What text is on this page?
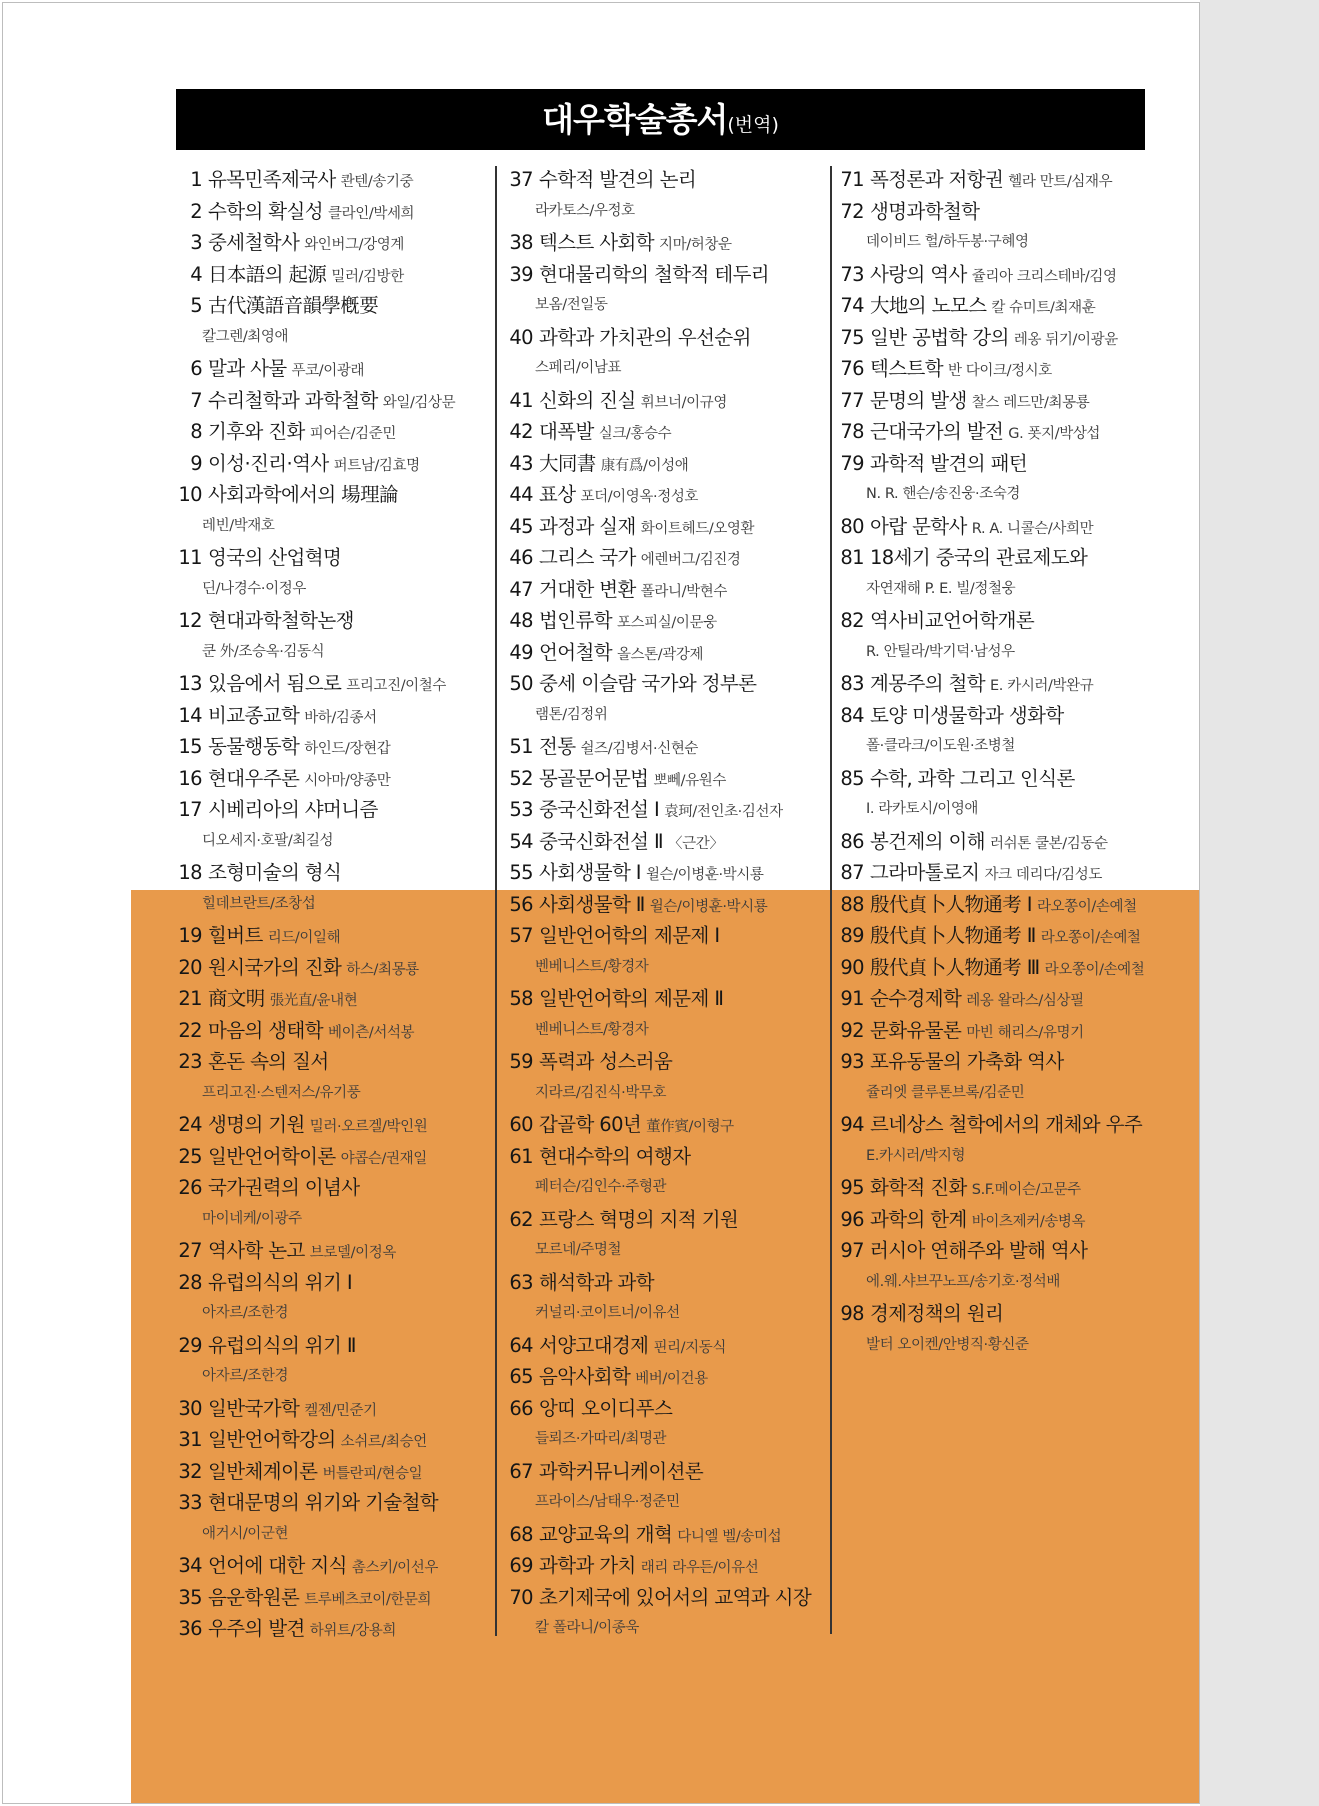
대우학술총서(번역)
1 유목민족제국사 콴텐/송기중
2 수학의 확실성 클라인/박세희
3 중세철학사 와인버그/강영계
4 日本語의 起源 밀러/김방한
5 古代漢語音韻學槪要
칼그렌/최영애
6 말과 사물 푸코/이광래
7 수리철학과 과학철학 와일/김상문
8 기후와 진화 피어슨/김준민
9 이성·진리·역사 퍼트남/김효명
10 사회과학에서의 場理論
레빈/박재호
11 영국의 산업혁명
딘/나경수·이정우
12 현대과학철학논쟁
쿤 外/조승옥·김동식
13 있음에서 됨으로 프리고진/이철수
14 비교종교학 바하/김종서
15 동물행동학 하인드/장현갑
16 현대우주론 시아마/양종만
17 시베리아의 샤머니즘
디오세지·호팔/최길성
18 조형미술의 형식
힐데브란트/조창섭
19 힐버트 리드/이일해
20 원시국가의 진화 하스/최몽룡
21 商文明 張光直/윤내현
22 마음의 생태학 베이츤/서석봉
23 혼돈 속의 질서
프리고진·스텐저스/유기풍
24 생명의 기원 밀러·오르겔/박인원
25 일반언어학이론 야콥슨/권재일
26 국가권력의 이념사
마이네케/이광주
27 역사학 논고 브로델/이정옥
28 유럽의식의 위기 Ⅰ
아자르/조한경
29 유럽의식의 위기 Ⅱ
아자르/조한경
30 일반국가학 켈젠/민준기
31 일반언어학강의 소쉬르/최승언
32 일반체계이론 버틀란피/현승일
33 현대문명의 위기와 기술철학
애거시/이군현
34 언어에 대한 지식 촘스키/이선우
35 음운학원론 트루베츠코이/한문희
36 우주의 발견 하위트/강용희
37 수학적 발견의 논리
라카토스/우정호
38 텍스트 사회학 지마/허창운
39 현대물리학의 철학적 테두리
보옴/전일동
40 과학과 가치관의 우선순위
스페리/이남표
41 신화의 진실 휘브너/이규영
42 대폭발 실크/홍승수
43 大同書 康有爲/이성애
44 표상 포더/이영옥·정성호
45 과정과 실재 화이트헤드/오영환
46 그리스 국가 에렌버그/김진경
47 거대한 변환 폴라니/박현수
48 법인류학 포스피실/이문웅
49 언어철학 올스톤/곽강제
50 중세 이슬람 국가와 정부론
램톤/김정위
51 전통 쉴즈/김병서·신현순
52 몽골문어문법 뽀뻬/유원수
53 중국신화전설 Ⅰ 袁珂/전인초·김선자
54 중국신화전설 Ⅱ 〈근간〉
55 사회생물학 Ⅰ 윌슨/이병훈·박시룡
56 사회생물학 Ⅱ 윌슨/이병훈·박시룡
57 일반언어학의 제문제 Ⅰ
벤베니스트/황경자
58 일반언어학의 제문제 Ⅱ
벤베니스트/황경자
59 폭력과 성스러움
지라르/김진식·박무호
60 갑골학 60년 董作賓/이형구
61 현대수학의 여행자
페터슨/김인수·주형관
62 프랑스 혁명의 지적 기원
모르네/주명철
63 해석학과 과학
커널리·코이트너/이유선
64 서양고대경제 핀리/지동식
65 음악사회학 베버/이건용
66 앙띠 오이디푸스
들뢰즈·가따리/최명관
67 과학커뮤니케이션론
프라이스/남태우·정준민
68 교양교육의 개혁 다니엘 벨/송미섭
69 과학과 가치 래리 라우든/이유선
70 초기제국에 있어서의 교역과 시장
칼 폴라니/이종욱
71 폭정론과 저항권 헬라 만트/심재우
72 생명과학철학
데이비드 헐/하두봉·구혜영
73 사랑의 역사 쥴리아 크리스테바/김영
74 大地의 노모스 칼 슈미트/최재훈
75 일반 공법학 강의 레옹 뒤기/이광윤
76 텍스트학 반 다이크/정시호
77 문명의 발생 찰스 레드만/최몽룡
78 근대국가의 발전 G. 폿지/박상섭
79 과학적 발견의 패턴
N. R. 핸슨/송진웅·조숙경
80 아랍 문학사 R. A. 니콜슨/사희만
81 18세기 중국의 관료제도와
자연재해 P. E. 빌/정철웅
82 역사비교언어학개론
R. 안틸라/박기덕·남성우
83 계몽주의 철학 E. 카시러/박완규
84 토양 미생물학과 생화학
폴·클라크/이도원·조병철
85 수학, 과학 그리고 인식론
I. 라카토시/이영애
86 봉건제의 이해 러쉬톤 쿨본/김동순
87 그라마톨로지 자크 데리다/김성도
88 殷代貞卜人物通考 Ⅰ 라오쫑이/손예철
89 殷代貞卜人物通考 Ⅱ 라오쫑이/손예철
90 殷代貞卜人物通考 Ⅲ 라오쫑이/손예철
91 순수경제학 레옹 왈라스/심상필
92 문화유물론 마빈 해리스/유명기
93 포유동물의 가축화 역사
쥴리엣 클루톤브록/김준민
94 르네상스 철학에서의 개체와 우주
E.카시러/박지형
95 화학적 진화 S.F.메이슨/고문주
96 과학의 한계 바이츠제커/송병옥
97 러시아 연해주와 발해 역사
에.웨.샤브꾸노프/송기호·정석배
98 경제정책의 원리
발터 오이켄/안병직·황신준
